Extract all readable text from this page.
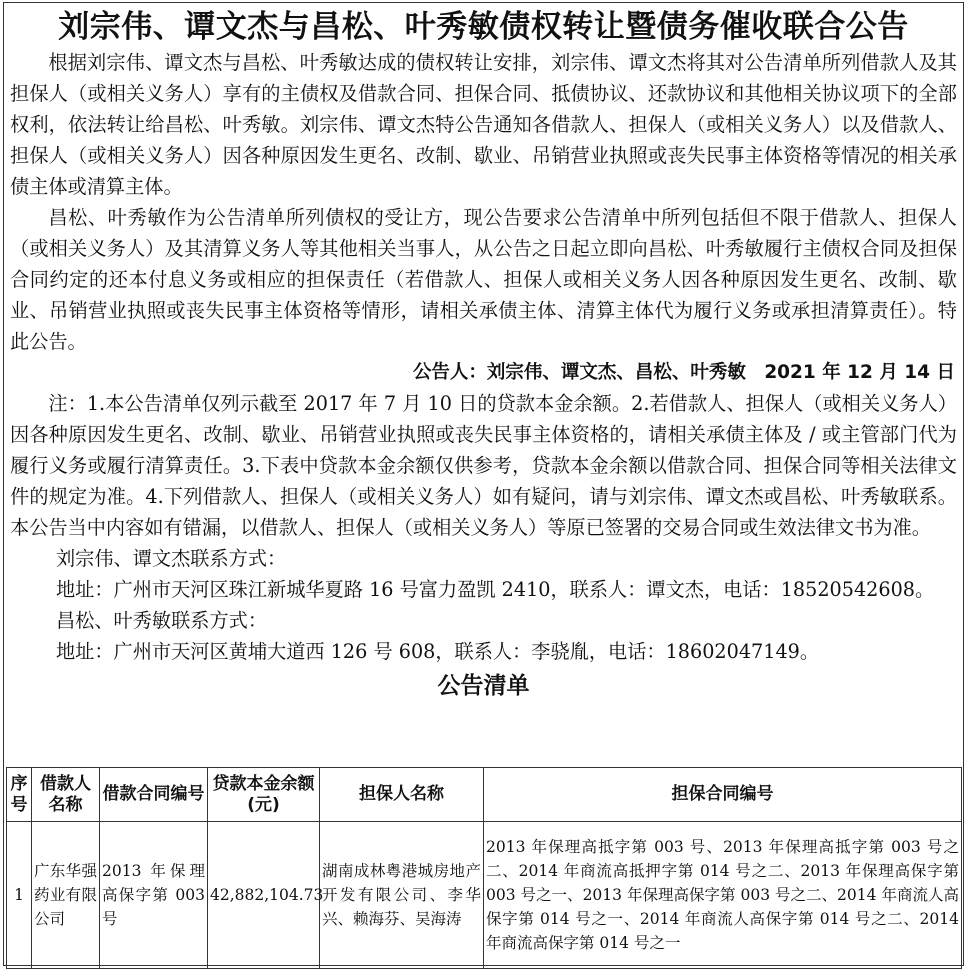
刘宗伟、谭文杰与昌松、叶秀敏债权转让暨债务催收联合公告

根据刘宗伟、谭文杰与昌松、叶秀敏达成的债权转让安排，刘宗伟、谭文杰将其对公告清单所列借款人及其担保人（或相关义务人）享有的主债权及借款合同、担保合同、抵债协议、还款协议和其他相关协议项下的全部权利，依法转让给昌松、叶秀敏。刘宗伟、谭文杰特公告通知各借款人、担保人（或相关义务人）以及借款人、担保人（或相关义务人）因各种原因发生更名、改制、歇业、吊销营业执照或丧失民事主体资格等情况的相关承债主体或清算主体。

昌松、叶秀敏作为公告清单所列债权的受让方，现公告要求公告清单中所列包括但不限于借款人、担保人（或相关义务人）及其清算义务人等其他相关当事人，从公告之日起立即向昌松、叶秀敏履行主债权合同及担保合同约定的还本付息义务或相应的担保责任（若借款人、担保人或相关义务人因各种原因发生更名、改制、歇业、吊销营业执照或丧失民事主体资格等情形，请相关承债主体、清算主体代为履行义务或承担清算责任）。特此公告。

公告人：刘宗伟、谭文杰、昌松、叶秀敏　2021 年 12 月 14 日

注：1.本公告清单仅列示截至 2017 年 7 月 10 日的贷款本金余额。2.若借款人、担保人（或相关义务人）因各种原因发生更名、改制、歇业、吊销营业执照或丧失民事主体资格的，请相关承债主体及 / 或主管部门代为履行义务或履行清算责任。3.下表中贷款本金余额仅供参考，贷款本金余额以借款合同、担保合同等相关法律文件的规定为准。4.下列借款人、担保人（或相关义务人）如有疑问，请与刘宗伟、谭文杰或昌松、叶秀敏联系。本公告当中内容如有错漏，以借款人、担保人（或相关义务人）等原已签署的交易合同或生效法律文书为准。

刘宗伟、谭文杰联系方式：

地址：广州市天河区珠江新城华夏路 16 号富力盈凯 2410，联系人：谭文杰，电话：18520542608。

昌松、叶秀敏联系方式：

地址：广州市天河区黄埔大道西 126 号 608，联系人：李骁胤，电话：18602047149。

公告清单
序号	借款人名称	借款合同编号	贷款本金余额(元)	担保人名称	担保合同编号
1	广东华强药业有限公司	2013 年保理高保字第 003 号	42,882,104.73	湖南成林粤港城房地产开发有限公司、李华兴、赖海芬、吴海涛	2013 年保理高抵字第 003 号、2013 年保理高抵字第 003 号之二、2014 年商流高抵押字第 014 号之二、2013 年保理高保字第 003 号之一、2013 年保理高保字第 003 号之二、2014 年商流人高保字第 014 号之一、2014 年商流人高保字第 014 号之二、2014 年商流高保字第 014 号之一
